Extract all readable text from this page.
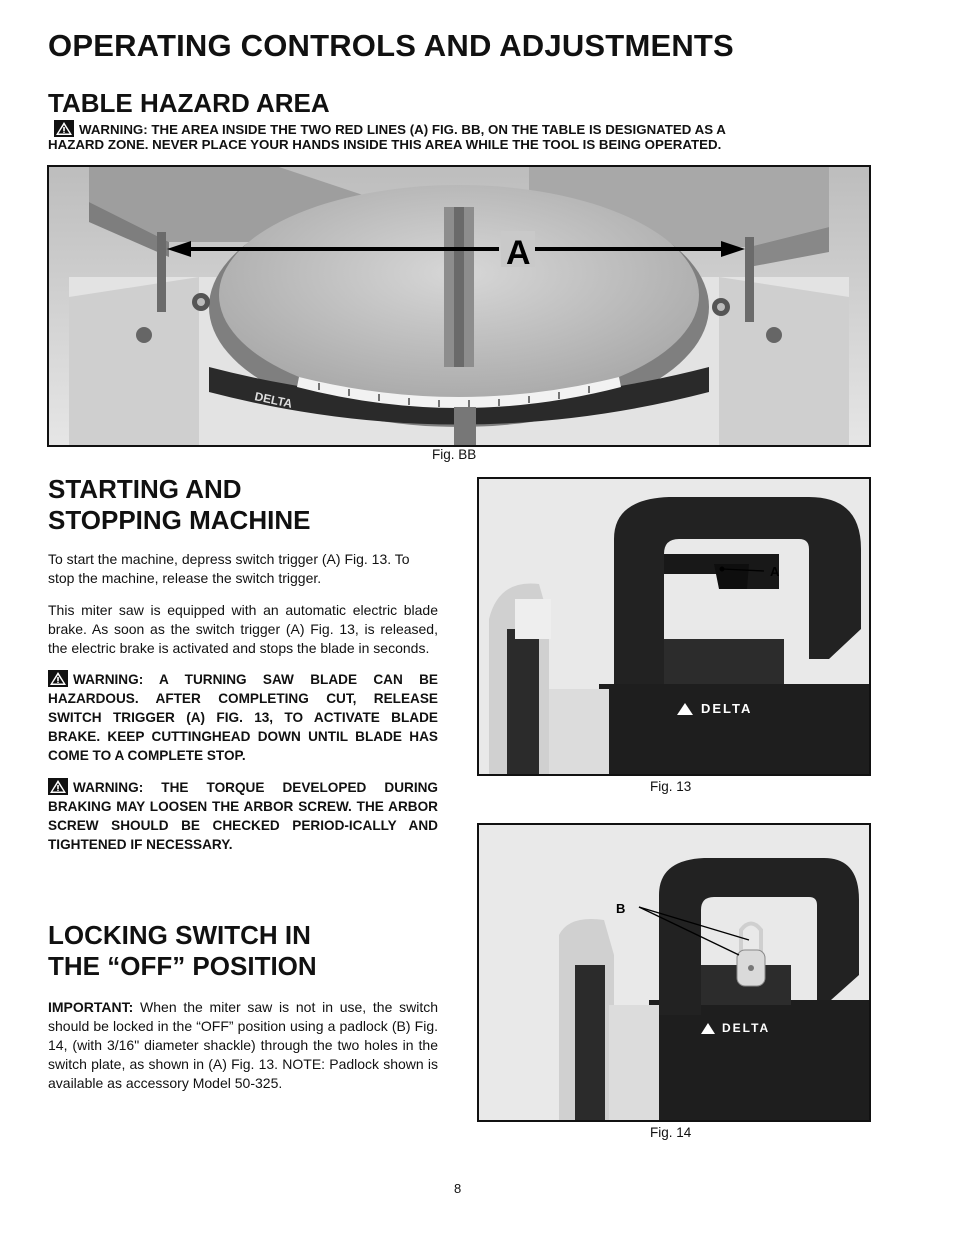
OPERATING CONTROLS AND ADJUSTMENTS
TABLE HAZARD AREA
WARNING: THE AREA INSIDE THE TWO RED LINES (A) FIG. BB, ON THE TABLE IS DESIGNATED AS A
HAZARD ZONE. NEVER PLACE YOUR HANDS INSIDE THIS AREA WHILE THE TOOL IS BEING OPERATED.
DELTA
A
Fig. BB
STARTING AND
STOPPING MACHINE

To start the machine, depress switch trigger (A) Fig. 13. To stop the machine, release the switch trigger.

This miter saw is equipped with an automatic electric blade brake. As soon as the switch trigger (A) Fig. 13, is released, the electric brake is activated and stops the blade in seconds.

WARNING: A TURNING SAW BLADE CAN BE HAZARDOUS. AFTER COMPLETING CUT, RELEASE SWITCH TRIGGER (A) FIG. 13, TO ACTIVATE BLADE BRAKE. KEEP CUTTINGHEAD DOWN UNTIL BLADE HAS COME TO A COMPLETE STOP.
WARNING: THE TORQUE DEVELOPED DURING BRAKING MAY LOOSEN THE ARBOR SCREW. THE ARBOR SCREW SHOULD BE CHECKED PERIOD-ICALLY AND TIGHTENED IF NECESSARY.
LOCKING SWITCH IN
THE “OFF” POSITION

IMPORTANT: When the miter saw is not in use, the switch should be locked in the “OFF” position using a padlock (B) Fig. 14, (with 3/16" diameter shackle) through the two holes in the switch plate, as shown in (A) Fig. 13. NOTE: Padlock shown is available as accessory Model 50-325.

DELTA
A
Fig. 13
DELTA
B
Fig. 14
8
